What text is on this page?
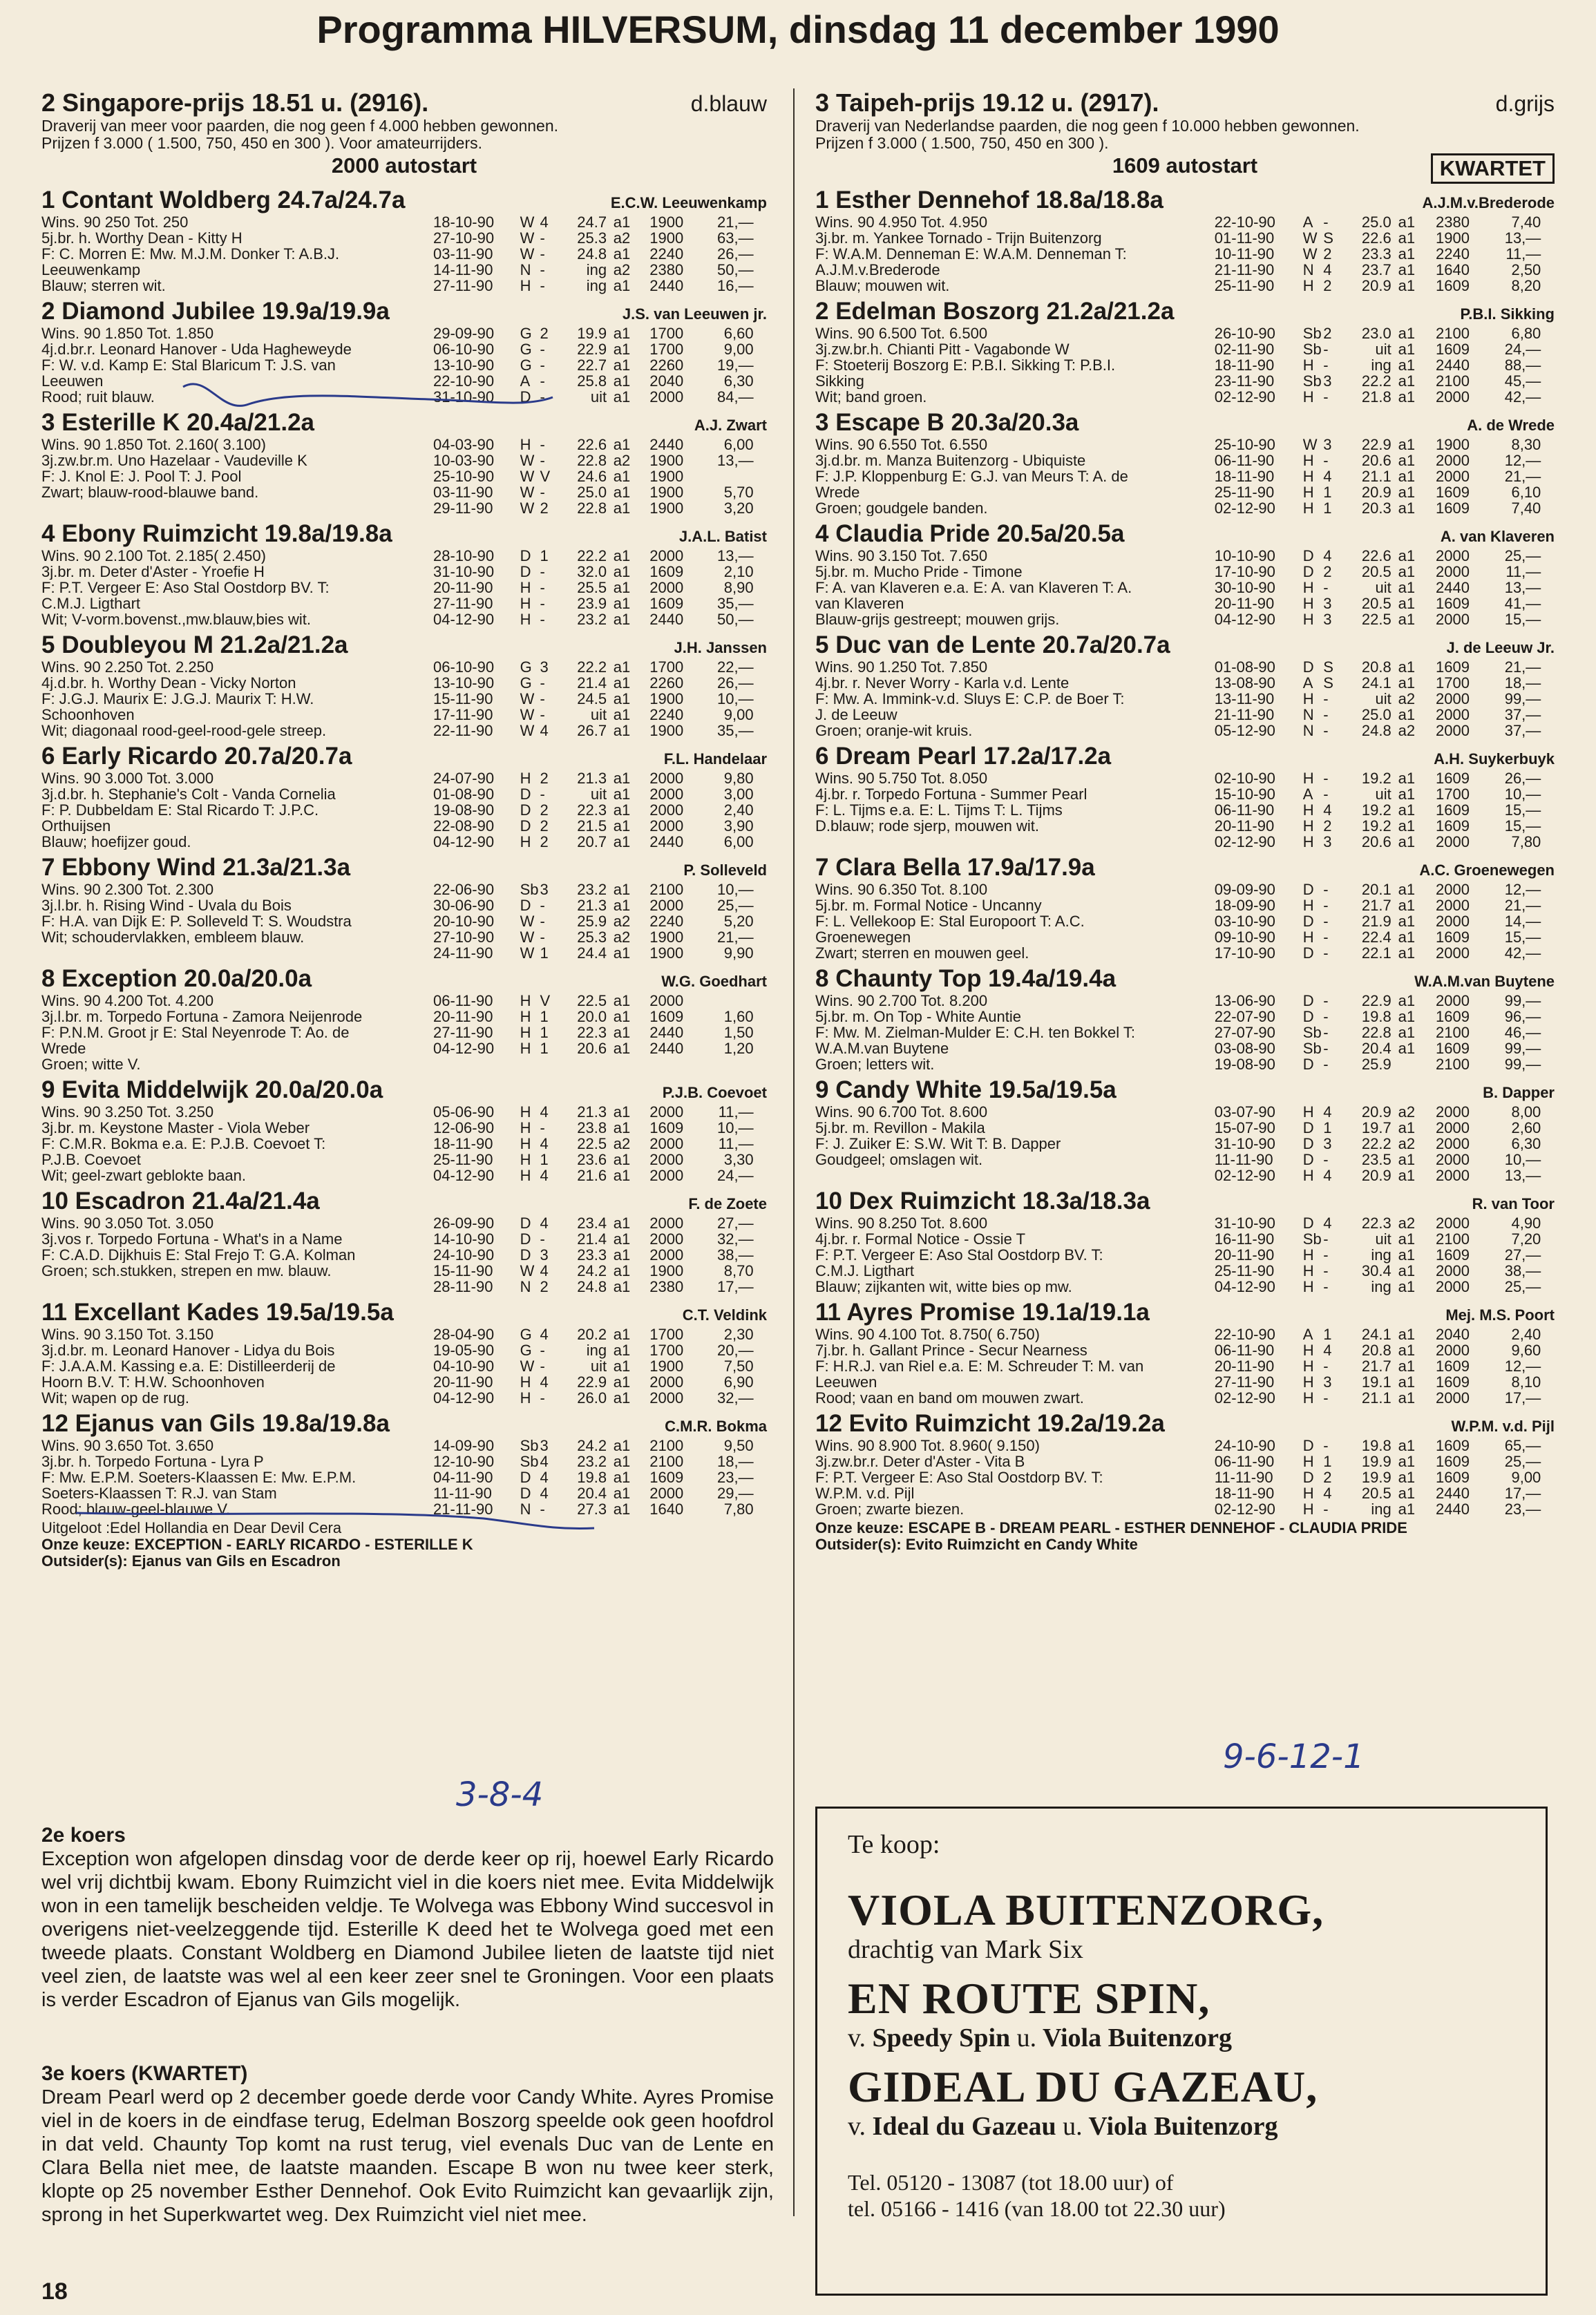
Programma HILVERSUM, dinsdag 11 december 1990
2 Singapore-prijs 18.51 u. (2916).	d.blauw
Draverij van meer voor paarden, die nog geen f 4.000 hebben gewonnen.
Prijzen f 3.000 ( 1.500, 750, 450 en 300 ). Voor amateurrijders.
2000 autostart
1 Contant Woldberg 24.7a/24.7a	E.C.W. Leeuwenkamp
Wins. 90 250 Tot. 250
5j.br. h. Worthy Dean - Kitty H
F: C. Morren E: Mw. M.J.M. Donker T: A.B.J.
Leeuwenkamp
Blauw; sterren wit.
18-10-90	W 4	24.7 a1	1900	21,—
27-10-90	W -	25.3 a2	1900	63,—
03-11-90	W -	24.8 a1	2240	26,—
14-11-90	N -	ing a2	2380	50,—
27-11-90	H -	ing a1	2440	16,—
2 Diamond Jubilee 19.9a/19.9a	J.S. van Leeuwen jr.
Wins. 90 1.850 Tot. 1.850
4j.d.br.r. Leonard Hanover - Uda Hagheweyde
F: W. v.d. Kamp E: Stal Blaricum T: J.S. van
Leeuwen
Rood; ruit blauw.
29-09-90	G 2	19.9 a1	1700	6,60
06-10-90	G -	22.9 a1	1700	9,00
13-10-90	G -	22.7 a1	2260	19,—
22-10-90	A -	25.8 a1	2040	6,30
31-10-90	D -	uit a1	2000	84,—
3 Esterille K 20.4a/21.2a	A.J. Zwart
Wins. 90 1.850 Tot. 2.160( 3.100)
3j.zw.br.m. Uno Hazelaar - Vaudeville K
F: J. Knol E: J. Pool T: J. Pool
Zwart; blauw-rood-blauwe band.
04-03-90	H -	22.6 a1	2440	6,00
10-03-90	W -	22.8 a2	1900	13,—
25-10-90	W V	24.6 a1	1900
03-11-90	W -	25.0 a1	1900	5,70
29-11-90	W 2	22.8 a1	1900	3,20
4 Ebony Ruimzicht 19.8a/19.8a	J.A.L. Batist
Wins. 90 2.100 Tot. 2.185( 2.450)
3j.br. m. Deter d'Aster - Yroefie H
F: P.T. Vergeer E: Aso Stal Oostdorp BV. T:
C.M.J. Ligthart
Wit; V-vorm.bovenst.,mw.blauw,bies wit.
28-10-90	D 1	22.2 a1	2000	13,—
31-10-90	D -	32.0 a1	1609	2,10
20-11-90	H -	25.5 a1	2000	8,90
27-11-90	H -	23.9 a1	1609	35,—
04-12-90	H -	23.2 a1	2440	50,—
5 Doubleyou M 21.2a/21.2a	J.H. Janssen
Wins. 90 2.250 Tot. 2.250
4j.d.br. h. Worthy Dean - Vicky Norton
F: J.G.J. Maurix E: J.G.J. Maurix T: H.W.
Schoonhoven
Wit; diagonaal rood-geel-rood-gele streep.
06-10-90	G 3	22.2 a1	1700	22,—
13-10-90	G -	21.4 a1	2260	26,—
15-11-90	W -	24.5 a1	1900	10,—
17-11-90	W -	uit a1	2240	9,00
22-11-90	W 4	26.7 a1	1900	35,—
6 Early Ricardo 20.7a/20.7a	F.L. Handelaar
Wins. 90 3.000 Tot. 3.000
3j.d.br. h. Stephanie's Colt - Vanda Cornelia
F: P. Dubbeldam E: Stal Ricardo T: J.P.C.
Orthuijsen
Blauw; hoefijzer goud.
24-07-90	H 2	21.3 a1	2000	9,80
01-08-90	D -	uit a1	2000	3,00
19-08-90	D 2	22.3 a1	2000	2,40
22-08-90	D 2	21.5 a1	2000	3,90
04-12-90	H 2	20.7 a1	2440	6,00
7 Ebbony Wind 21.3a/21.3a	P. Solleveld
Wins. 90 2.300 Tot. 2.300
3j.l.br. h. Rising Wind - Uvala du Bois
F: H.A. van Dijk E: P. Solleveld T: S. Woudstra
Wit; schoudervlakken, embleem blauw.
22-06-90	Sb 3	23.2 a1	2100	10,—
30-06-90	D -	21.3 a1	2000	25,—
20-10-90	W -	25.9 a2	2240	5,20
27-10-90	W -	25.3 a2	1900	21,—
24-11-90	W 1	24.4 a1	1900	9,90
8 Exception 20.0a/20.0a	W.G. Goedhart
Wins. 90 4.200 Tot. 4.200
3j.l.br. m. Torpedo Fortuna - Zamora Neijenrode
F: P.N.M. Groot jr E: Stal Neyenrode T: Ao. de
Wrede
Groen; witte V.
06-11-90	H V	22.5 a1	2000
20-11-90	H 1	20.0 a1	1609	1,60
27-11-90	H 1	22.3 a1	2440	1,50
04-12-90	H 1	20.6 a1	2440	1,20
9 Evita Middelwijk 20.0a/20.0a	P.J.B. Coevoet
Wins. 90 3.250 Tot. 3.250
3j.br. m. Keystone Master - Viola Weber
F: C.M.R. Bokma e.a. E: P.J.B. Coevoet T:
P.J.B. Coevoet
Wit; geel-zwart geblokte baan.
05-06-90	H 4	21.3 a1	2000	11,—
12-06-90	H -	23.8 a1	1609	10,—
18-11-90	H 4	22.5 a2	2000	11,—
25-11-90	H 1	23.6 a1	2000	3,30
04-12-90	H 4	21.6 a1	2000	24,—
10 Escadron 21.4a/21.4a	F. de Zoete
Wins. 90 3.050 Tot. 3.050
3j.vos r. Torpedo Fortuna - What's in a Name
F: C.A.D. Dijkhuis E: Stal Frejo T: G.A. Kolman
Groen; sch.stukken, strepen en mw. blauw.
26-09-90	D 4	23.4 a1	2000	27,—
14-10-90	D -	21.4 a1	2000	32,—
24-10-90	D 3	23.3 a1	2000	38,—
15-11-90	W 4	24.2 a1	1900	8,70
28-11-90	N 2	24.8 a1	2380	17,—
11 Excellant Kades 19.5a/19.5a	C.T. Veldink
Wins. 90 3.150 Tot. 3.150
3j.d.br. m. Leonard Hanover - Lidya du Bois
F: J.A.A.M. Kassing e.a. E: Distilleerderij de
Hoorn B.V. T: H.W. Schoonhoven
Wit; wapen op de rug.
28-04-90	G 4	20.2 a1	1700	2,30
19-05-90	G -	ing a1	1700	20,—
04-10-90	W -	uit a1	1900	7,50
20-11-90	H 4	22.9 a1	2000	6,90
04-12-90	H -	26.0 a1	2000	32,—
12 Ejanus van Gils 19.8a/19.8a	C.M.R. Bokma
Wins. 90 3.650 Tot. 3.650
3j.br. h. Torpedo Fortuna - Lyra P
F: Mw. E.P.M. Soeters-Klaassen E: Mw. E.P.M.
Soeters-Klaassen T: R.J. van Stam
Rood; blauw-geel-blauwe V.
14-09-90	Sb 3	24.2 a1	2100	9,50
12-10-90	Sb 4	23.2 a1	2100	18,—
04-11-90	D 4	19.8 a1	1609	23,—
11-11-90	D 4	20.4 a1	2000	29,—
21-11-90	N -	27.3 a1	1640	7,80
Uitgeloot :Edel Hollandia en Dear Devil Cera
Onze keuze: EXCEPTION - EARLY RICARDO - ESTERILLE K
Outsider(s): Ejanus van Gils en Escadron
3 Taipeh-prijs 19.12 u. (2917).	d.grijs
Draverij van Nederlandse paarden, die nog geen f 10.000 hebben gewonnen.
Prijzen f 3.000 ( 1.500, 750, 450 en 300 ).
1609 autostart	KWARTET
1 Esther Dennehof 18.8a/18.8a	A.J.M.v.Brederode
Wins. 90 4.950 Tot. 4.950
3j.br. m. Yankee Tornado - Trijn Buitenzorg
F: W.A.M. Denneman E: W.A.M. Denneman T:
A.J.M.v.Brederode
Blauw; mouwen wit.
22-10-90	A -	25.0 a1	2380	7,40
01-11-90	W S	22.6 a1	1900	13,—
10-11-90	W 2	23.3 a1	2240	11,—
21-11-90	N 4	23.7 a1	1640	2,50
25-11-90	H 2	20.9 a1	1609	8,20
2 Edelman Boszorg 21.2a/21.2a	P.B.I. Sikking
Wins. 90 6.500 Tot. 6.500
3j.zw.br.h. Chianti Pitt - Vagabonde W
F: Stoeterij Boszorg E: P.B.I. Sikking T: P.B.I.
Sikking
Wit; band groen.
26-10-90	Sb 2	23.0 a1	2100	6,80
02-11-90	Sb -	uit a1	1609	24,—
18-11-90	H -	ing a1	2440	88,—
23-11-90	Sb 3	22.2 a1	2100	45,—
02-12-90	H -	21.8 a1	2000	42,—
3 Escape B 20.3a/20.3a	A. de Wrede
Wins. 90 6.550 Tot. 6.550
3j.d.br. m. Manza Buitenzorg - Ubiquiste
F: J.P. Kloppenburg E: G.J. van Meurs T: A. de
Wrede
Groen; goudgele banden.
25-10-90	W 3	22.9 a1	1900	8,30
06-11-90	H -	20.6 a1	2000	12,—
18-11-90	H 4	21.1 a1	2000	21,—
25-11-90	H 1	20.9 a1	1609	6,10
02-12-90	H 1	20.3 a1	1609	7,40
4 Claudia Pride 20.5a/20.5a	A. van Klaveren
Wins. 90 3.150 Tot. 7.650
5j.br. m. Mucho Pride - Timone
F: A. van Klaveren e.a. E: A. van Klaveren T: A.
van Klaveren
Blauw-grijs gestreept; mouwen grijs.
10-10-90	D 4	22.6 a1	2000	25,—
17-10-90	D 2	20.5 a1	2000	11,—
30-10-90	H -	uit a1	2440	13,—
20-11-90	H 3	20.5 a1	1609	41,—
04-12-90	H 3	22.5 a1	2000	15,—
5 Duc van de Lente 20.7a/20.7a	J. de Leeuw Jr.
Wins. 90 1.250 Tot. 7.850
4j.br. r. Never Worry - Karla v.d. Lente
F: Mw. A. Immink-v.d. Sluys E: C.P. de Boer T:
J. de Leeuw
Groen; oranje-wit kruis.
01-08-90	D S	20.8 a1	1609	21,—
13-08-90	A S	24.1 a1	1700	18,—
13-11-90	H -	uit a2	2000	99,—
21-11-90	N -	25.0 a1	2000	37,—
05-12-90	N -	24.8 a2	2000	37,—
6 Dream Pearl 17.2a/17.2a	A.H. Suykerbuyk
Wins. 90 5.750 Tot. 8.050
4j.br. r. Torpedo Fortuna - Summer Pearl
F: L. Tijms e.a. E: L. Tijms T: L. Tijms
D.blauw; rode sjerp, mouwen wit.
02-10-90	H -	19.2 a1	1609	26,—
15-10-90	A -	uit a1	1700	10,—
06-11-90	H 4	19.2 a1	1609	15,—
20-11-90	H 2	19.2 a1	1609	15,—
02-12-90	H 3	20.6 a1	2000	7,80
7 Clara Bella 17.9a/17.9a	A.C. Groenewegen
Wins. 90 6.350 Tot. 8.100
5j.br. m. Formal Notice - Uncanny
F: L. Vellekoop E: Stal Europoort T: A.C.
Groenewegen
Zwart; sterren en mouwen geel.
09-09-90	D -	20.1 a1	2000	12,—
18-09-90	H -	21.7 a1	2000	21,—
03-10-90	D -	21.9 a1	2000	14,—
09-10-90	H -	22.4 a1	1609	15,—
17-10-90	D -	22.1 a1	2000	42,—
8 Chaunty Top 19.4a/19.4a	W.A.M.van Buytene
Wins. 90 2.700 Tot. 8.200
5j.br. m. On Top - White Auntie
F: Mw. M. Zielman-Mulder E: C.H. ten Bokkel T:
W.A.M.van Buytene
Groen; letters wit.
13-06-90	D -	22.9 a1	2000	99,—
22-07-90	D -	19.8 a1	1609	96,—
27-07-90	Sb -	22.8 a1	2100	46,—
03-08-90	Sb -	20.4 a1	1609	99,—
19-08-90	D -	25.9	2100	99,—
9 Candy White 19.5a/19.5a	B. Dapper
Wins. 90 6.700 Tot. 8.600
5j.br. m. Revillon - Makila
F: J. Zuiker E: S.W. Wit T: B. Dapper
Goudgeel; omslagen wit.
03-07-90	H 4	20.9 a2	2000	8,00
15-07-90	D 1	19.7 a1	2000	2,60
31-10-90	D 3	22.2 a2	2000	6,30
11-11-90	D -	23.5 a1	2000	10,—
02-12-90	H 4	20.9 a1	2000	13,—
10 Dex Ruimzicht 18.3a/18.3a	R. van Toor
Wins. 90 8.250 Tot. 8.600
4j.br. r. Formal Notice - Ossie T
F: P.T. Vergeer E: Aso Stal Oostdorp BV. T:
C.M.J. Ligthart
Blauw; zijkanten wit, witte bies op mw.
31-10-90	D 4	22.3 a2	2000	4,90
16-11-90	Sb -	uit a1	2100	7,20
20-11-90	H -	ing a1	1609	27,—
25-11-90	H -	30.4 a1	2000	38,—
04-12-90	H -	ing a1	2000	25,—
11 Ayres Promise 19.1a/19.1a	Mej. M.S. Poort
Wins. 90 4.100 Tot. 8.750( 6.750)
7j.br. h. Gallant Prince - Secur Nearness
F: H.R.J. van Riel e.a. E: M. Schreuder T: M. van
Leeuwen
Rood; vaan en band om mouwen zwart.
22-10-90	A 1	24.1 a1	2040	2,40
06-11-90	H 4	20.8 a1	2000	9,60
20-11-90	H -	21.7 a1	1609	12,—
27-11-90	H 3	19.1 a1	1609	8,10
02-12-90	H -	21.1 a1	2000	17,—
12 Evito Ruimzicht 19.2a/19.2a	W.P.M. v.d. Pijl
Wins. 90 8.900 Tot. 8.960( 9.150)
3j.zw.br.r. Deter d'Aster - Vita B
F: P.T. Vergeer E: Aso Stal Oostdorp BV. T:
W.P.M. v.d. Pijl
Groen; zwarte biezen.
24-10-90	D -	19.8 a1	1609	65,—
06-11-90	H 1	19.9 a1	1609	25,—
11-11-90	D 2	19.9 a1	1609	9,00
18-11-90	H 4	20.5 a1	2440	17,—
02-12-90	H -	ing a1	2440	23,—
Onze keuze: ESCAPE B - DREAM PEARL - ESTHER DENNEHOF - CLAUDIA PRIDE
Outsider(s): Evito Ruimzicht en Candy White
3-8-4
9-6-12-1
2e koers

Exception won afgelopen dinsdag voor de derde keer op rij, hoewel Early Ricardo wel vrij dichtbij kwam. Ebony Ruimzicht viel in die koers niet mee. Evita Middelwijk won in een tamelijk bescheiden veldje. Te Wolvega was Ebbony Wind succesvol in overigens niet-veelzeggende tijd. Esterille K deed het te Wolvega goed met een tweede plaats. Constant Woldberg en Diamond Jubilee lieten de laatste tijd niet veel zien, de laatste was wel al een keer zeer snel te Groningen. Voor een plaats is verder Escadron of Ejanus van Gils mogelijk.

3e koers (KWARTET)

Dream Pearl werd op 2 december goede derde voor Candy White. Ayres Promise viel in de koers in de eindfase terug, Edelman Boszorg speelde ook geen hoofdrol in dat veld. Chaunty Top komt na rust terug, viel evenals Duc van de Lente en Clara Bella niet mee, de laatste maanden. Escape B won nu twee keer sterk, klopte op 25 november Esther Dennehof. Ook Evito Ruimzicht kan gevaarlijk zijn, sprong in het Superkwartet weg. Dex Ruimzicht viel niet mee.

Te koop:
VIOLA BUITENZORG,
drachtig van Mark Six
EN ROUTE SPIN,
v. Speedy Spin u. Viola Buitenzorg
GIDEAL DU GAZEAU,
v. Ideal du Gazeau u. Viola Buitenzorg
Tel. 05120 - 13087 (tot 18.00 uur) of
tel. 05166 - 1416 (van 18.00 tot 22.30 uur)
18
